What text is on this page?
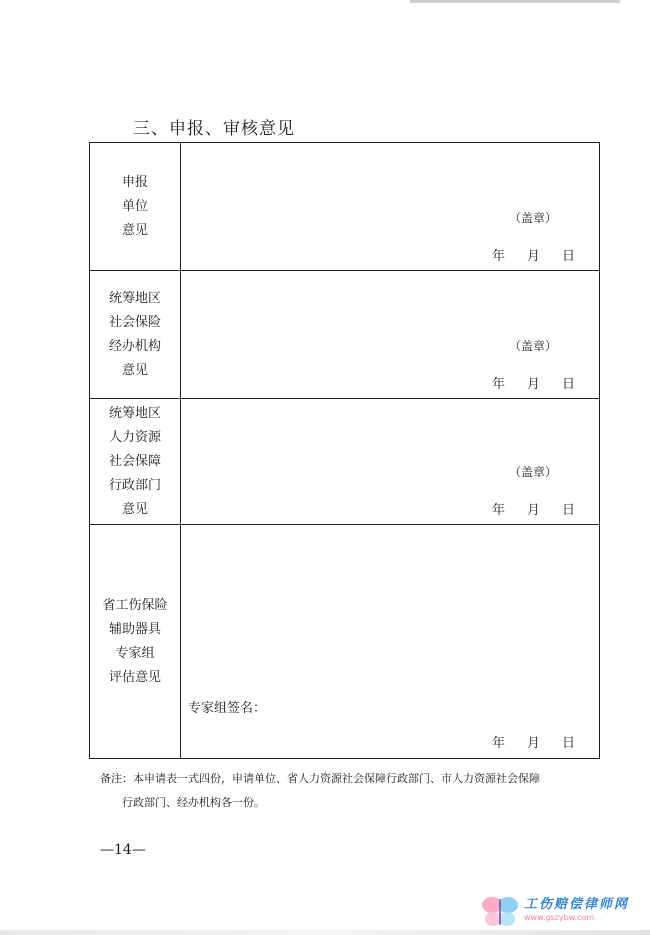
三、申报、审核意见
申报
单位
意见	（盖章）
年 月 日

统筹地区
社会保险
经办机构
意见	（盖章）
年 月 日

统筹地区
人力资源
社会保障
行政部门
意见	（盖章）
年 月 日

省工伤保险
辅助器具
专家组
评估意见	专家组签名：
年 月 日
备注：本申请表一式四份，申请单位、省人力资源社会保障行政部门、市人力资源社会保障
行政部门、经办机构各一份。
—14—
工伤赔偿律师网
www.gszybw.com
